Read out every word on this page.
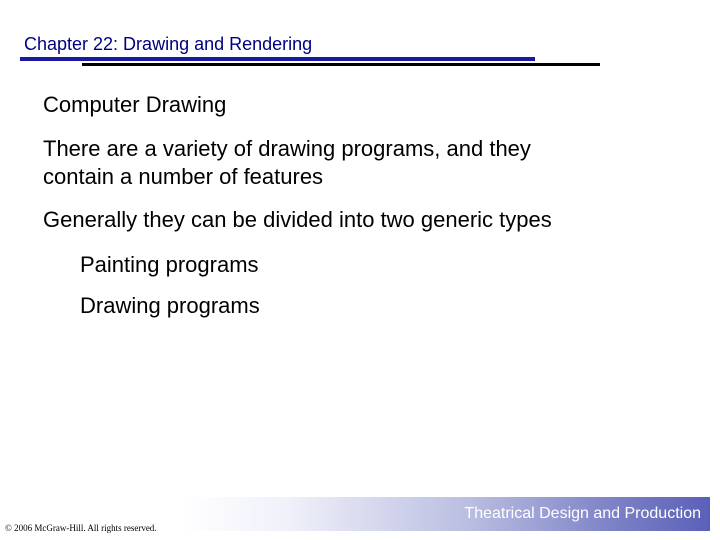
Chapter 22: Drawing and Rendering
Computer Drawing
There are a variety of drawing programs, and they
contain a number of features
Generally they can be divided into two generic types
Painting programs
Drawing programs
Theatrical Design and Production
© 2006 McGraw-Hill. All rights reserved.
